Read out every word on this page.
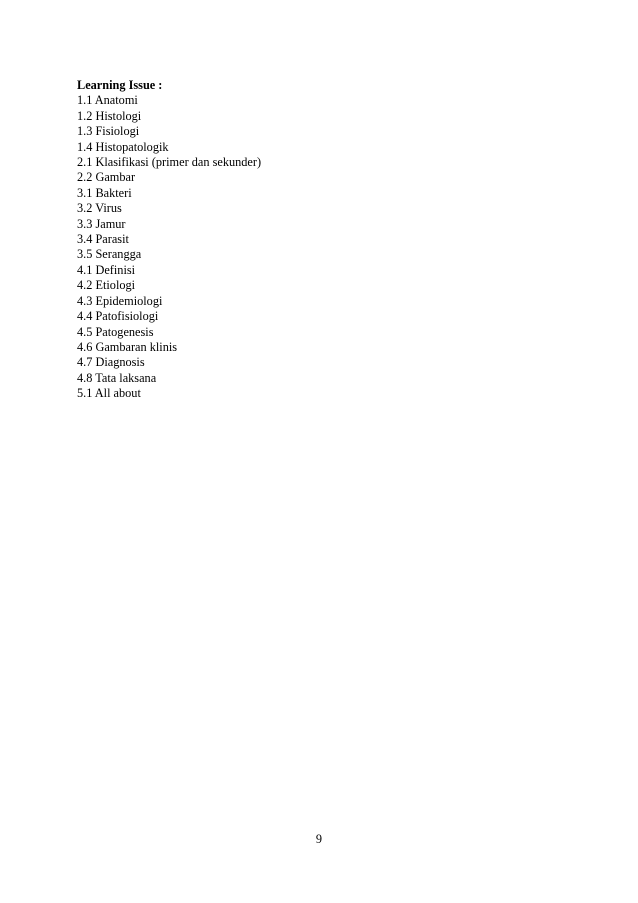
Learning Issue :

1.1 Anatomi
1.2 Histologi
1.3 Fisiologi
1.4 Histopatologik
2.1 Klasifikasi (primer dan sekunder)
2.2 Gambar
3.1 Bakteri
3.2 Virus
3.3 Jamur
3.4 Parasit
3.5 Serangga
4.1 Definisi
4.2 Etiologi
4.3 Epidemiologi
4.4 Patofisiologi
4.5 Patogenesis
4.6 Gambaran klinis
4.7 Diagnosis
4.8 Tata laksana
5.1 All about
9
